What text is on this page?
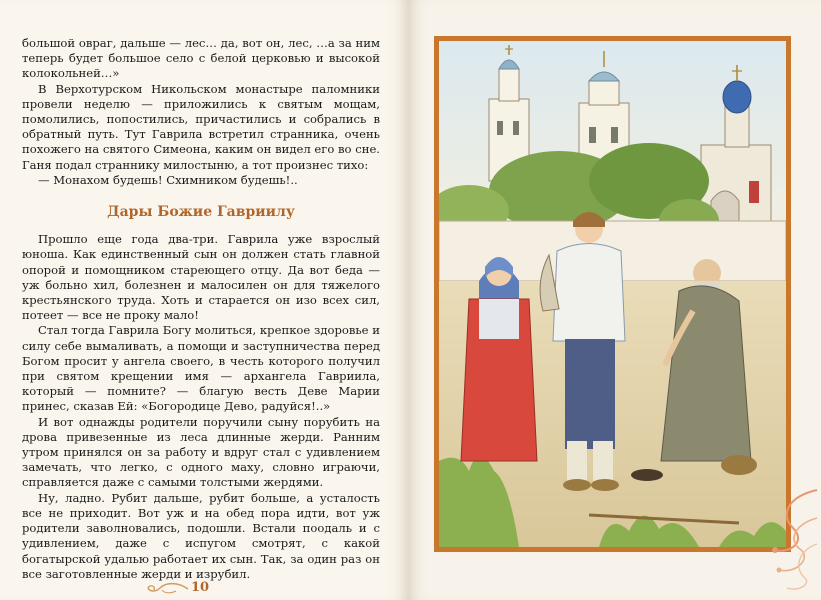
большой овраг, дальше — лес… да, вот он, лес, …а за ним теперь будет большое село с белой церковью и высокой колокольней…»

В Верхотурском Никольском монастыре паломники провели неделю — приложились к святым мощам, помолились, попостились, причастились и собрались в обратный путь. Тут Гаврила встретил странника, очень похожего на святого Симеона, каким он видел его во сне. Ганя подал страннику милостыню, а тот произнес тихо:

— Монахом будешь! Схимником будешь!..

Дары Божие Гавриилу

Прошло еще года два-три. Гаврила уже взрослый юноша. Как единственный сын он должен стать главной опорой и помощником стареющего отцу. Да вот беда — уж больно хил, болезнен и малосилен он для тяжелого крестьянского труда. Хоть и старается он изо всех сил, потеет — все не проку мало!

Стал тогда Гаврила Богу молиться, крепкое здоровье и силу себе вымаливать, а помощи и заступничества перед Богом просит у ангела своего, в честь которого получил при святом крещении имя — архангела Гавриила, который — помните? — благую весть Деве Марии принес, сказав Ей: «Богородице Дево, радуйся!..»

И вот однажды родители поручили сыну порубить на дрова привезенные из леса длинные жерди. Ранним утром принялся он за работу и вдруг стал с удивлением замечать, что легко, с одного маху, словно играючи, справляется даже с самыми толстыми жердями.

Ну, ладно. Рубит дальше, рубит больше, а усталость все не приходит. Вот уж и на обед пора идти, вот уж родители заволновались, подошли. Встали поодаль и с удивлением, даже с испугом смотрят, с какой богатырской удалью работает их сын. Так, за один раз он все заготовленные жерди и изрубил.

10
